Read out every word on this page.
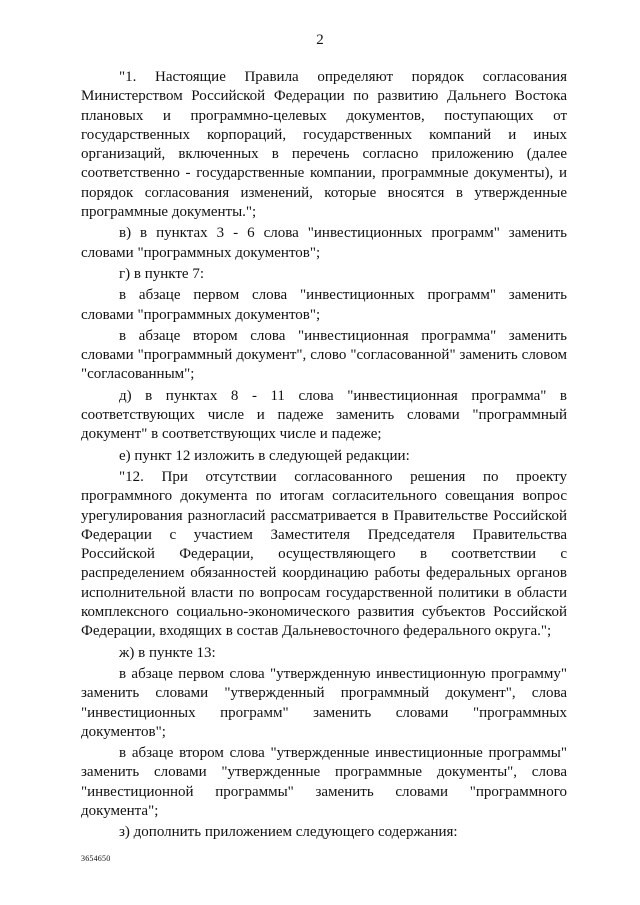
2

"1. Настоящие Правила определяют порядок согласования Министерством Российской Федерации по развитию Дальнего Востока плановых и программно-целевых документов, поступающих от государственных корпораций, государственных компаний и иных организаций, включенных в перечень согласно приложению (далее соответственно - государственные компании, программные документы), и порядок согласования изменений, которые вносятся в утвержденные программные документы.";

в) в пунктах 3 - 6 слова "инвестиционных программ" заменить словами "программных документов";

г) в пункте 7:

в абзаце первом слова "инвестиционных программ" заменить словами "программных документов";

в абзаце втором слова "инвестиционная программа" заменить словами "программный документ", слово "согласованной" заменить словом "согласованным";

д) в пунктах 8 - 11 слова "инвестиционная программа" в соответствующих числе и падеже заменить словами "программный документ" в соответствующих числе и падеже;

е) пункт 12 изложить в следующей редакции:

"12. При отсутствии согласованного решения по проекту программного документа по итогам согласительного совещания вопрос урегулирования разногласий рассматривается в Правительстве Российской Федерации с участием Заместителя Председателя Правительства Российской Федерации, осуществляющего в соответствии с распределением обязанностей координацию работы федеральных органов исполнительной власти по вопросам государственной политики в области комплексного социально-экономического развития субъектов Российской Федерации, входящих в состав Дальневосточного федерального округа.";

ж) в пункте 13:

в абзаце первом слова "утвержденную инвестиционную программу" заменить словами "утвержденный программный документ", слова "инвестиционных программ" заменить словами "программных документов";

в абзаце втором слова "утвержденные инвестиционные программы" заменить словами "утвержденные программные документы", слова "инвестиционной программы" заменить словами "программного документа";

з) дополнить приложением следующего содержания:

3654650
